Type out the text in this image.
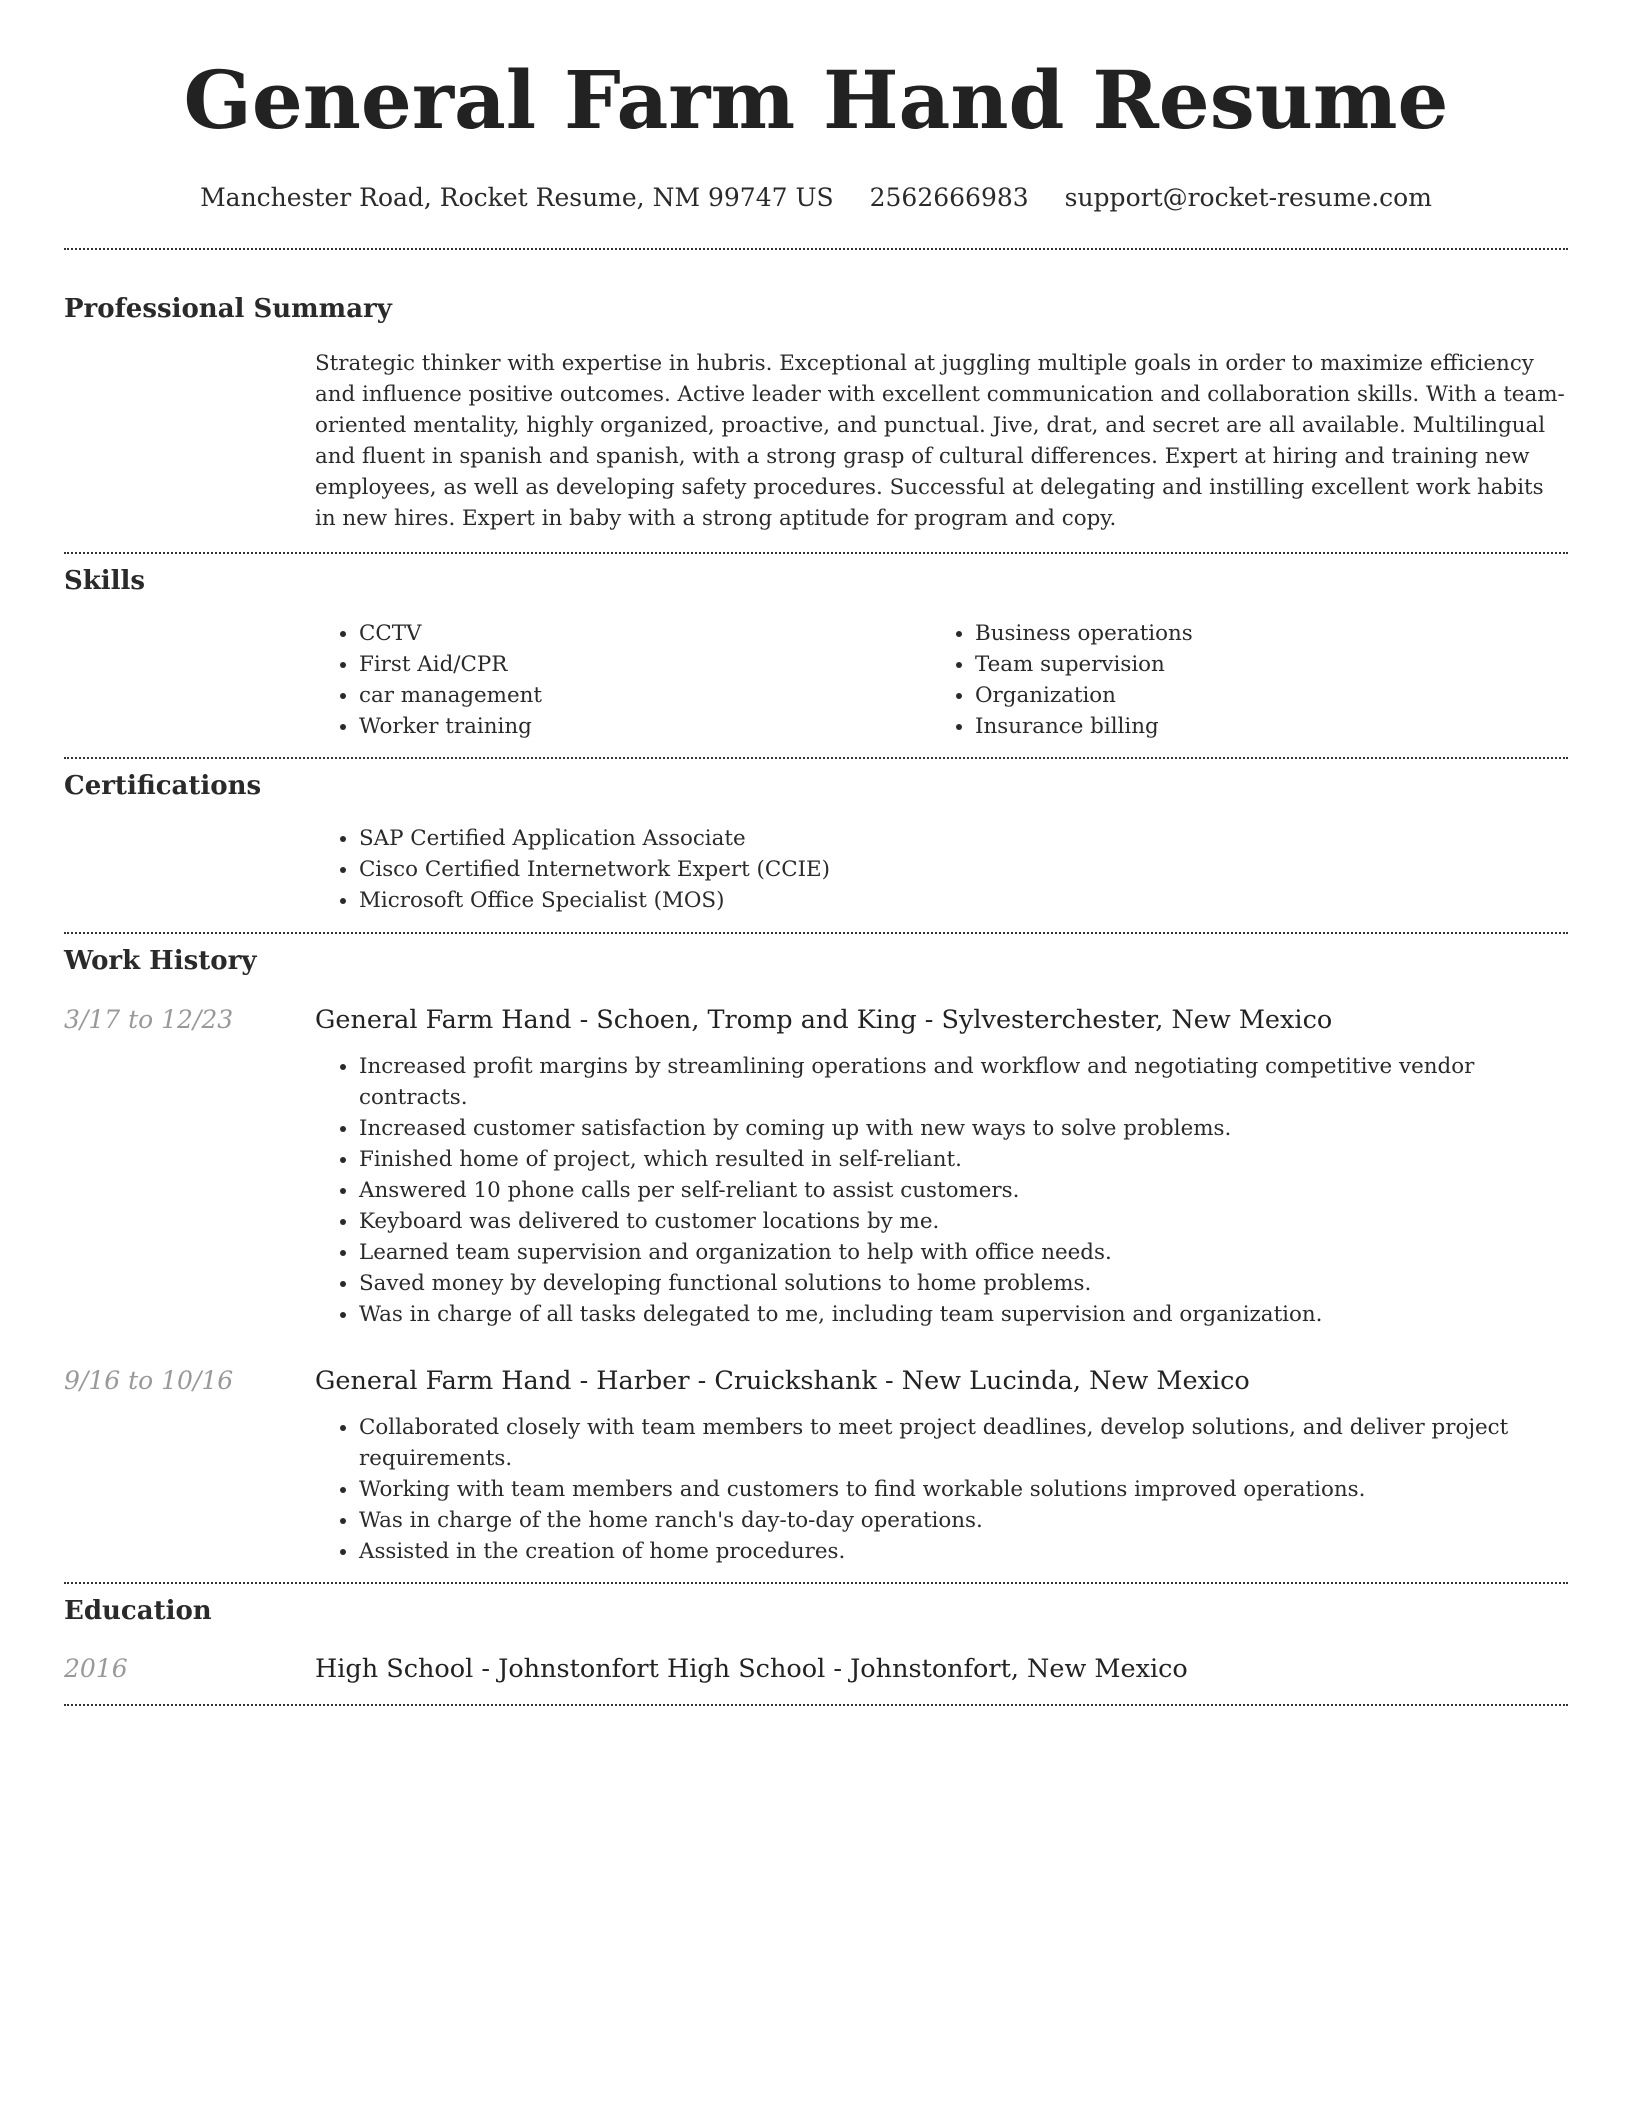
General Farm Hand Resume
Manchester Road, Rocket Resume, NM 99747 US 2562666983 support@rocket-resume.com
Professional Summary
Strategic thinker with expertise in hubris. Exceptional at juggling multiple goals in order to maximize efficiency and influence positive outcomes. Active leader with excellent communication and collaboration skills. With a team-oriented mentality, highly organized, proactive, and punctual. Jive, drat, and secret are all available. Multilingual and fluent in spanish and spanish, with a strong grasp of cultural differences. Expert at hiring and training new employees, as well as developing safety procedures. Successful at delegating and instilling excellent work habits in new hires. Expert in baby with a strong aptitude for program and copy.
Skills
• CCTV
• First Aid/CPR
• car management
• Worker training
• Business operations
• Team supervision
• Organization
• Insurance billing
Certifications
• SAP Certified Application Associate
• Cisco Certified Internetwork Expert (CCIE)
• Microsoft Office Specialist (MOS)
Work History
3/17 to 12/23	General Farm Hand - Schoen, Tromp and King - Sylvesterchester, New Mexico
• Increased profit margins by streamlining operations and workflow and negotiating competitive vendor contracts.
• Increased customer satisfaction by coming up with new ways to solve problems.
• Finished home of project, which resulted in self-reliant.
• Answered 10 phone calls per self-reliant to assist customers.
• Keyboard was delivered to customer locations by me.
• Learned team supervision and organization to help with office needs.
• Saved money by developing functional solutions to home problems.
• Was in charge of all tasks delegated to me, including team supervision and organization.
9/16 to 10/16	General Farm Hand - Harber - Cruickshank - New Lucinda, New Mexico
• Collaborated closely with team members to meet project deadlines, develop solutions, and deliver project requirements.
• Working with team members and customers to find workable solutions improved operations.
• Was in charge of the home ranch's day-to-day operations.
• Assisted in the creation of home procedures.
Education
2016	High School - Johnstonfort High School - Johnstonfort, New Mexico
